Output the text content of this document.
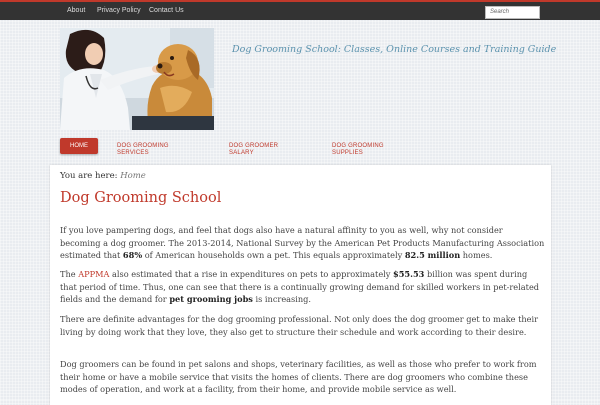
About Privacy Policy Contact Us	Search
Dog Grooming School: Classes, Online Courses and Training Guide
HOME	DOG GROOMING
SERVICES
DOG GROOMER
SALARY
DOG GROOMING
SUPPLIES
You are here: Home
Dog Grooming School

If you love pampering dogs, and feel that dogs also have a natural affinity to you as well, why not consider becoming a dog groomer. The 2013-2014, National Survey by the American Pet Products Manufacturing Association estimated that 68% of American households own a pet. This equals approximately 82.5 million homes.

The APPMA also estimated that a rise in expenditures on pets to approximately $55.53 billion was spent during that period of time. Thus, one can see that there is a continually growing demand for skilled workers in pet-related fields and the demand for pet grooming jobs is increasing.

There are definite advantages for the dog grooming professional. Not only does the dog groomer get to make their living by doing work that they love, they also get to structure their schedule and work according to their desire.

Dog groomers can be found in pet salons and shops, veterinary facilities, as well as those who prefer to work from their home or have a mobile service that visits the homes of clients. There are dog groomers who combine these modes of operation, and work at a facility, from their home, and provide mobile service as well.
